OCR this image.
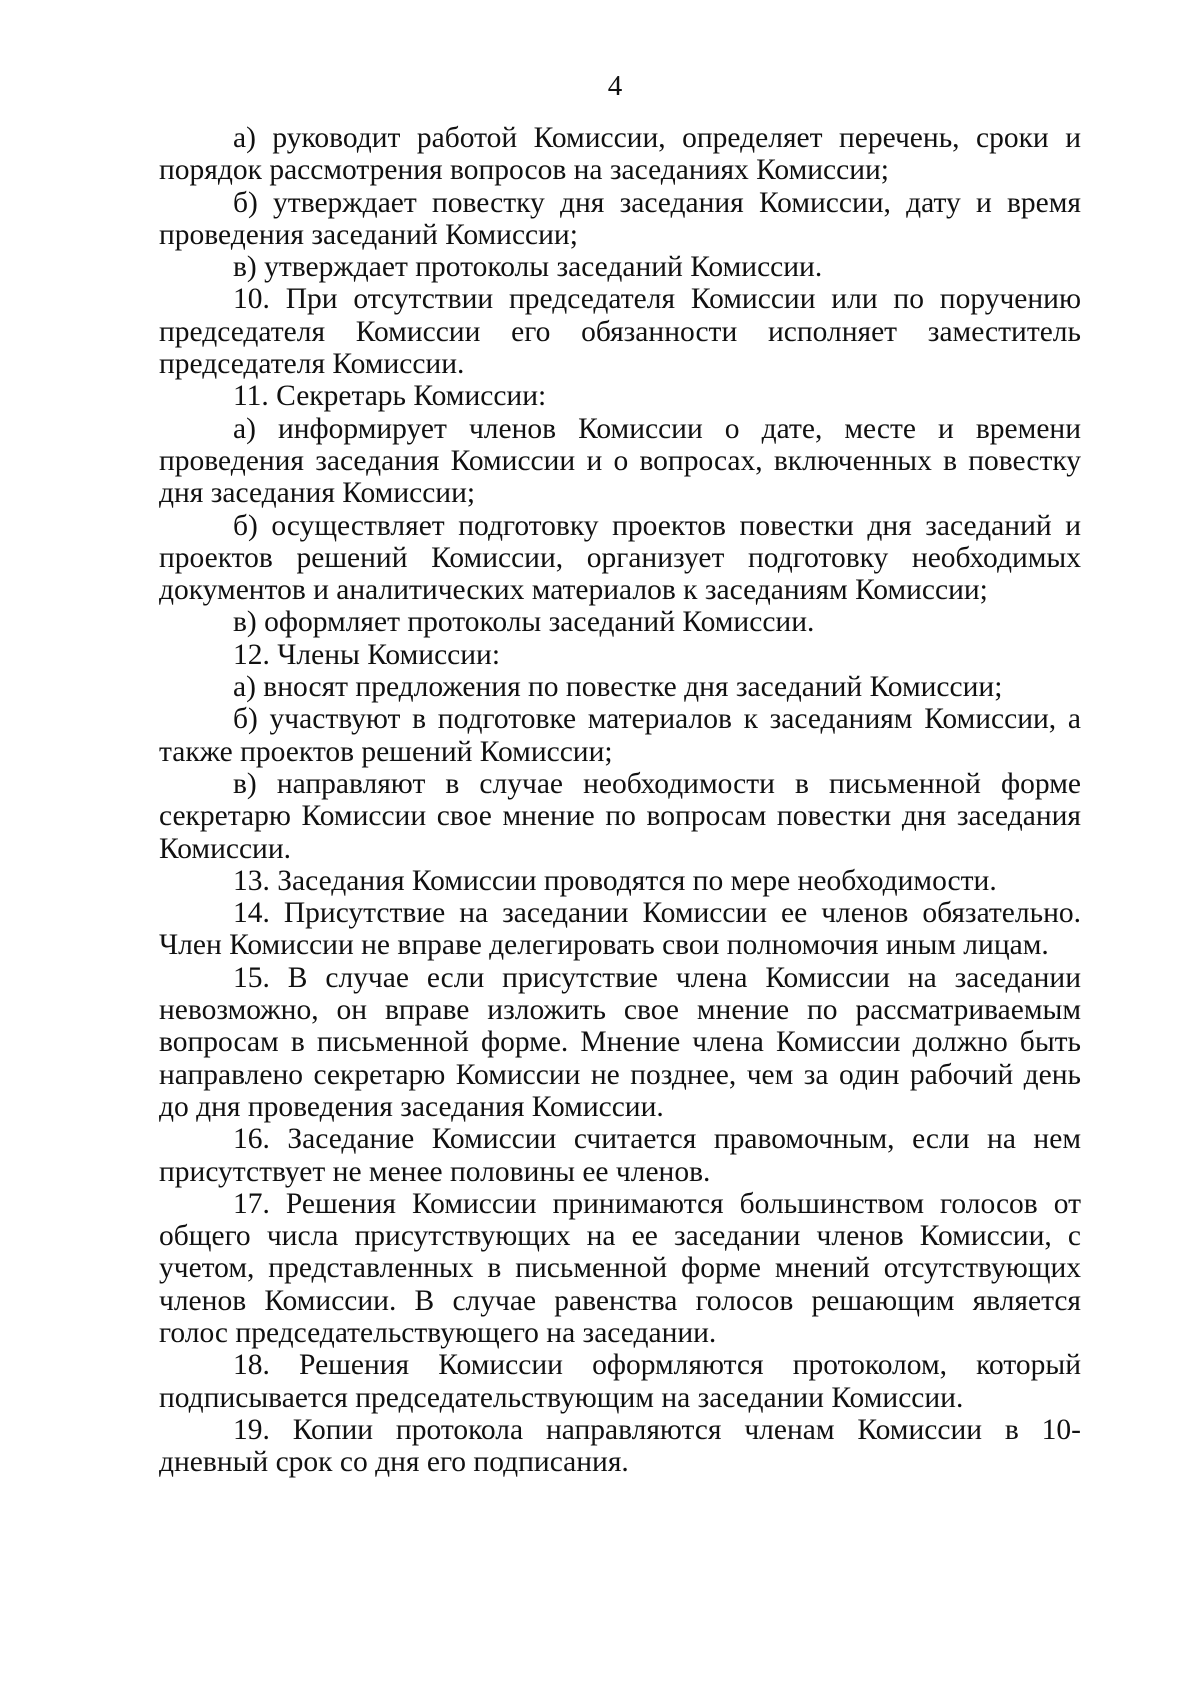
4

а) руководит работой Комиссии, определяет перечень, сроки и порядок рассмотрения вопросов на заседаниях Комиссии;

б) утверждает повестку дня заседания Комиссии, дату и время проведения заседаний Комиссии;

в) утверждает протоколы заседаний Комиссии.

10. При отсутствии председателя Комиссии или по поручению председателя Комиссии его обязанности исполняет заместитель председателя Комиссии.

11. Секретарь Комиссии:

а) информирует членов Комиссии о дате, месте и времени проведения заседания Комиссии и о вопросах, включенных в повестку дня заседания Комиссии;

б) осуществляет подготовку проектов повестки дня заседаний и проектов решений Комиссии, организует подготовку необходимых документов и аналитических материалов к заседаниям Комиссии;

в) оформляет протоколы заседаний Комиссии.

12. Члены Комиссии:

а) вносят предложения по повестке дня заседаний Комиссии;

б) участвуют в подготовке материалов к заседаниям Комиссии, а также проектов решений Комиссии;

в) направляют в случае необходимости в письменной форме секретарю Комиссии свое мнение по вопросам повестки дня заседания Комиссии.

13. Заседания Комиссии проводятся по мере необходимости.

14. Присутствие на заседании Комиссии ее членов обязательно. Член Комиссии не вправе делегировать свои полномочия иным лицам.

15. В случае если присутствие члена Комиссии на заседании невозможно, он вправе изложить свое мнение по рассматриваемым вопросам в письменной форме. Мнение члена Комиссии должно быть направлено секретарю Комиссии не позднее, чем за один рабочий день до дня проведения заседания Комиссии.

16. Заседание Комиссии считается правомочным, если на нем присутствует не менее половины ее членов.

17. Решения Комиссии принимаются большинством голосов от общего числа присутствующих на ее заседании членов Комиссии, с учетом, представленных в письменной форме мнений отсутствующих членов Комиссии. В случае равенства голосов решающим является голос председательствующего на заседании.

18. Решения Комиссии оформляются протоколом, который подписывается председательствующим на заседании Комиссии.

19. Копии протокола направляются членам Комиссии в 10-дневный срок со дня его подписания.
